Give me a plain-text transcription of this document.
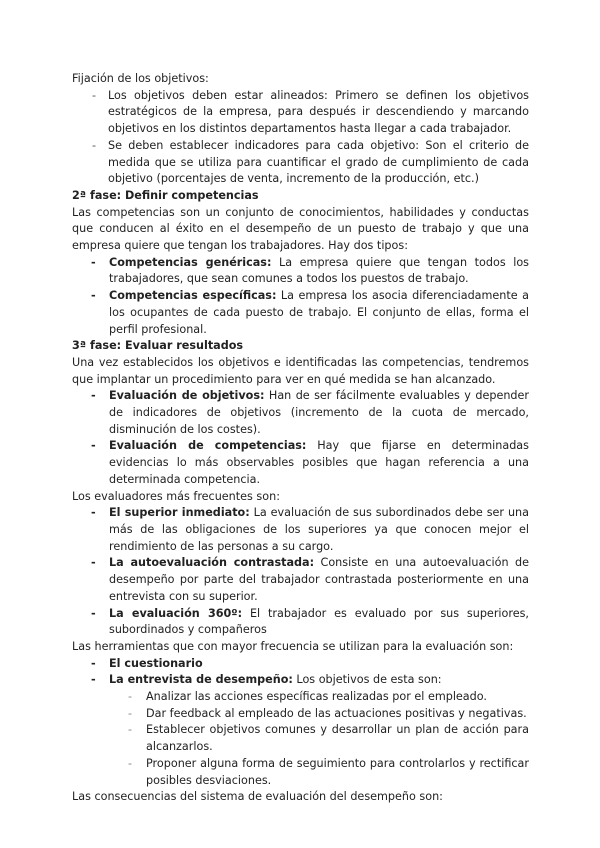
Fijación de los objetivos:

- Los objetivos deben estar alineados: Primero se definen los objetivos estratégicos de la empresa, para después ir descendiendo y marcando objetivos en los distintos departamentos hasta llegar a cada trabajador.
- Se deben establecer indicadores para cada objetivo: Son el criterio de medida que se utiliza para cuantificar el grado de cumplimiento de cada objetivo (porcentajes de venta, incremento de la producción, etc.)

2ª fase: Definir competencias

Las competencias son un conjunto de conocimientos, habilidades y conductas que conducen al éxito en el desempeño de un puesto de trabajo y que una empresa quiere que tengan los trabajadores. Hay dos tipos:

- Competencias genéricas: La empresa quiere que tengan todos los trabajadores, que sean comunes a todos los puestos de trabajo.
- Competencias específicas: La empresa los asocia diferenciadamente a los ocupantes de cada puesto de trabajo. El conjunto de ellas, forma el perfil profesional.

3ª fase: Evaluar resultados

Una vez establecidos los objetivos e identificadas las competencias, tendremos que implantar un procedimiento para ver en qué medida se han alcanzado.

- Evaluación de objetivos: Han de ser fácilmente evaluables y depender de indicadores de objetivos (incremento de la cuota de mercado, disminución de los costes).
- Evaluación de competencias: Hay que fijarse en determinadas evidencias lo más observables posibles que hagan referencia a una determinada competencia.

Los evaluadores más frecuentes son:

- El superior inmediato: La evaluación de sus subordinados debe ser una más de las obligaciones de los superiores ya que conocen mejor el rendimiento de las personas a su cargo.
- La autoevaluación contrastada: Consiste en una autoevaluación de desempeño por parte del trabajador contrastada posteriormente en una entrevista con su superior.
- La evaluación 360º: El trabajador es evaluado por sus superiores, subordinados y compañeros

Las herramientas que con mayor frecuencia se utilizan para la evaluación son:

- El cuestionario
- La entrevista de desempeño: Los objetivos de esta son:
- Analizar las acciones específicas realizadas por el empleado.
- Dar feedback al empleado de las actuaciones positivas y negativas.
- Establecer objetivos comunes y desarrollar un plan de acción para alcanzarlos.
- Proponer alguna forma de seguimiento para controlarlos y rectificar posibles desviaciones.

Las consecuencias del sistema de evaluación del desempeño son:
